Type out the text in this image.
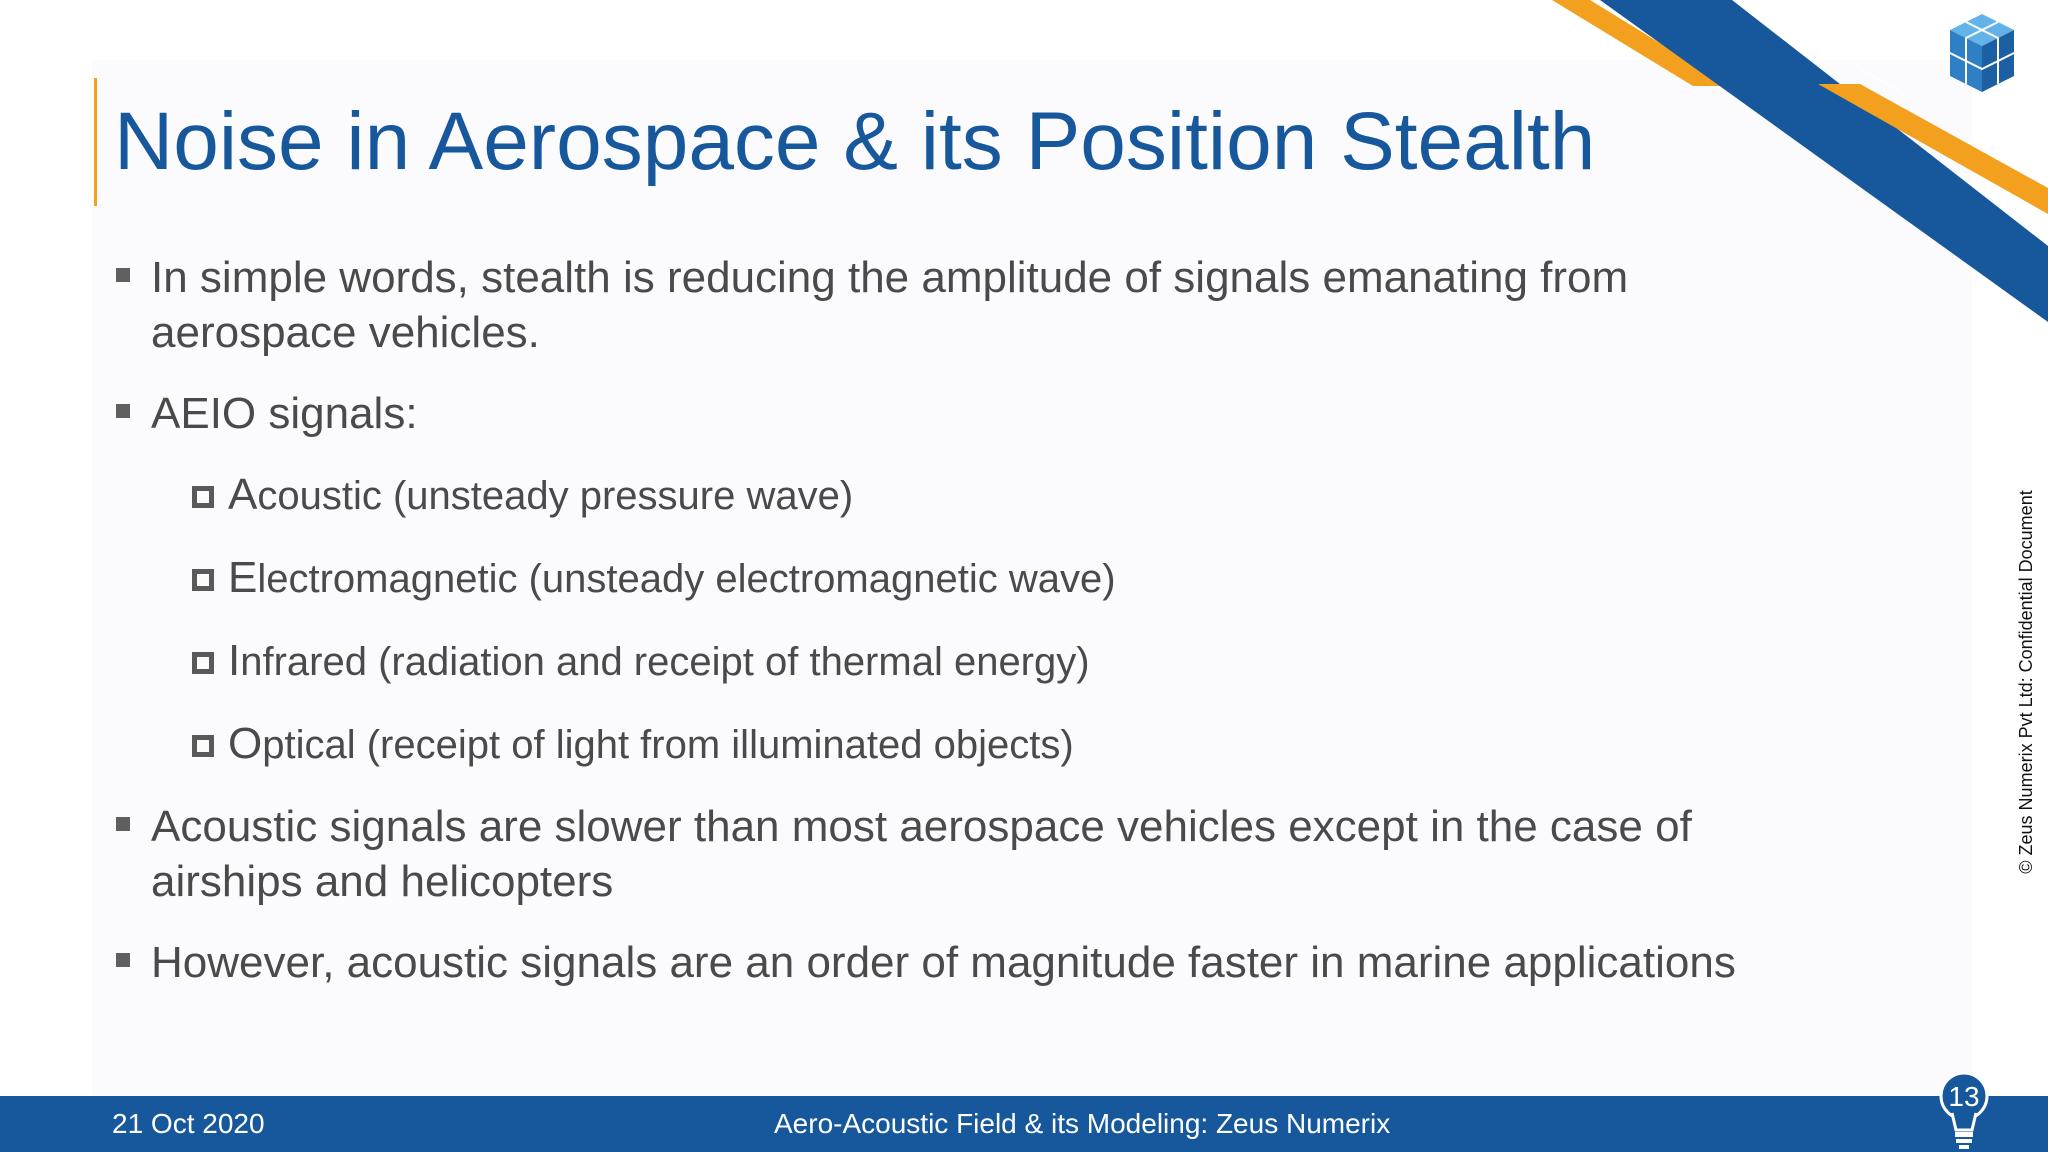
Noise in Aerospace & its Position Stealth
In simple words, stealth is reducing the amplitude of signals emanating from
aerospace vehicles.
AEIO signals:
Acoustic (unsteady pressure wave)
Electromagnetic (unsteady electromagnetic wave)
Infrared (radiation and receipt of thermal energy)
Optical (receipt of light from illuminated objects)
Acoustic signals are slower than most aerospace vehicles except in the case of
airships and helicopters
However, acoustic signals are an order of magnitude faster in marine applications
21 Oct 2020	Aero-Acoustic Field & its Modeling: Zeus Numerix
13
© Zeus Numerix Pvt Ltd: Confidential Document
